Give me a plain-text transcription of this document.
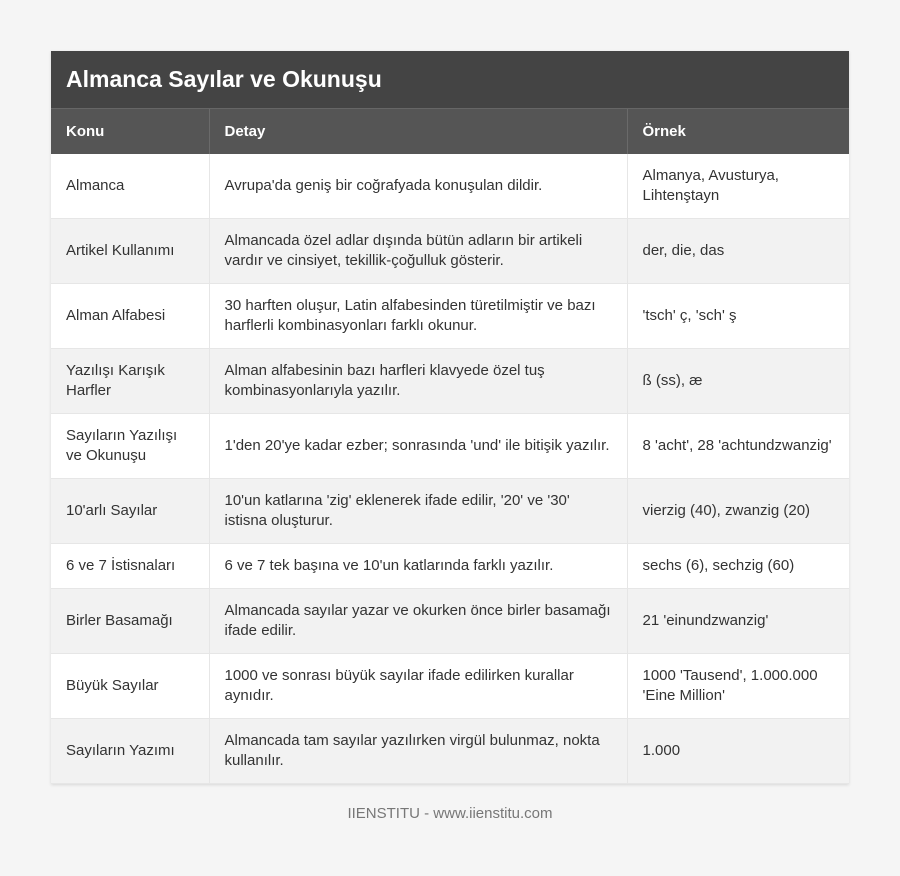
Almanca Sayılar ve Okunuşu
Konu	Detay	Örnek
Almanca	Avrupa'da geniş bir coğrafyada konuşulan dildir.	Almanya, Avusturya, Lihtenştayn
Artikel Kullanımı	Almancada özel adlar dışında bütün adların bir artikeli vardır ve cinsiyet, tekillik-çoğulluk gösterir.	der, die, das
Alman Alfabesi	30 harften oluşur, Latin alfabesinden türetilmiştir ve bazı harflerli kombinasyonları farklı okunur.	'tsch' ç, 'sch' ş
Yazılışı Karışık Harfler	Alman alfabesinin bazı harfleri klavyede özel tuş kombinasyonlarıyla yazılır.	ß (ss), æ
Sayıların Yazılışı ve Okunuşu	1'den 20'ye kadar ezber; sonrasında 'und' ile bitişik yazılır.	8 'acht', 28 'achtundzwanzig'
10'arlı Sayılar	10'un katlarına 'zig' eklenerek ifade edilir, '20' ve '30' istisna oluşturur.	vierzig (40), zwanzig (20)
6 ve 7 İstisnaları	6 ve 7 tek başına ve 10'un katlarında farklı yazılır.	sechs (6), sechzig (60)
Birler Basamağı	Almancada sayılar yazar ve okurken önce birler basamağı ifade edilir.	21 'einundzwanzig'
Büyük Sayılar	1000 ve sonrası büyük sayılar ifade edilirken kurallar aynıdır.	1000 'Tausend', 1.000.000 'Eine Million'
Sayıların Yazımı	Almancada tam sayılar yazılırken virgül bulunmaz, nokta kullanılır.	1.000
IIENSTITU - www.iienstitu.com
